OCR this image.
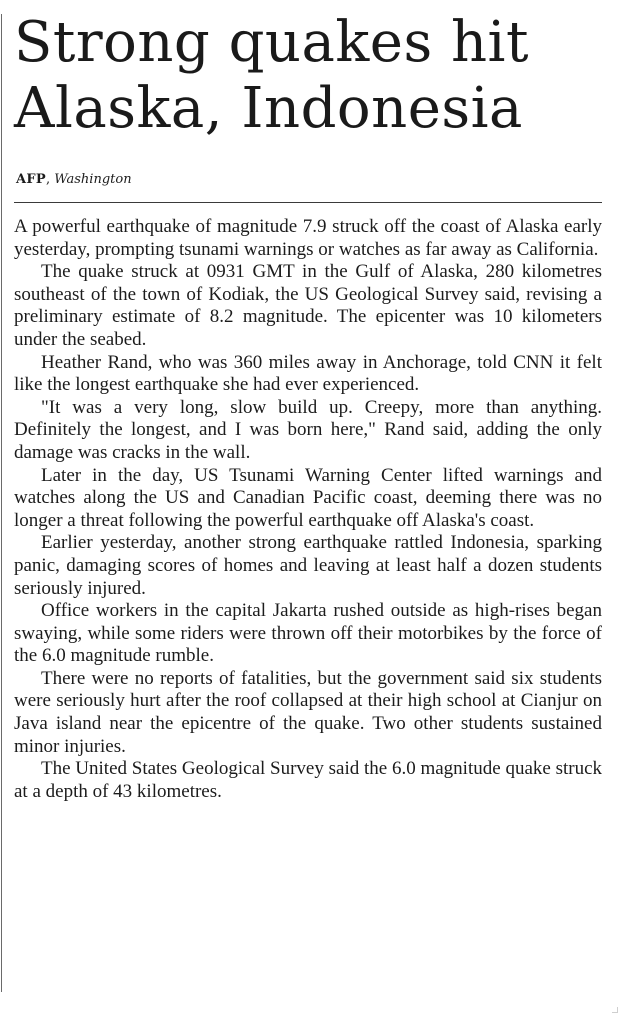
Strong quakes hit
Alaska, Indonesia
AFP, Washington

A powerful earthquake of magnitude 7.9 struck off the coast of Alaska early yesterday, prompting tsunami warnings or watches as far away as California.

The quake struck at 0931 GMT in the Gulf of Alaska, 280 kilometres southeast of the town of Kodiak, the US Geological Survey said, revising a preliminary estimate of 8.2 magnitude. The epicenter was 10 kilometers under the seabed.

Heather Rand, who was 360 miles away in Anchorage, told CNN it felt like the longest earthquake she had ever experienced.

"It was a very long, slow build up. Creepy, more than anything. Definitely the longest, and I was born here," Rand said, adding the only damage was cracks in the wall.

Later in the day, US Tsunami Warning Center lifted warnings and watches along the US and Canadian Pacific coast, deeming there was no longer a threat following the powerful earthquake off Alaska's coast.

Earlier yesterday, another strong earthquake rattled Indonesia, sparking panic, damaging scores of homes and leaving at least half a dozen students seriously injured.

Office workers in the capital Jakarta rushed outside as high-rises began swaying, while some riders were thrown off their motorbikes by the force of the 6.0 magnitude rumble.

There were no reports of fatalities, but the government said six students were seriously hurt after the roof collapsed at their high school at Cianjur on Java island near the epicentre of the quake. Two other students sustained minor injuries.

The United States Geological Survey said the 6.0 magnitude quake struck at a depth of 43 kilometres.
